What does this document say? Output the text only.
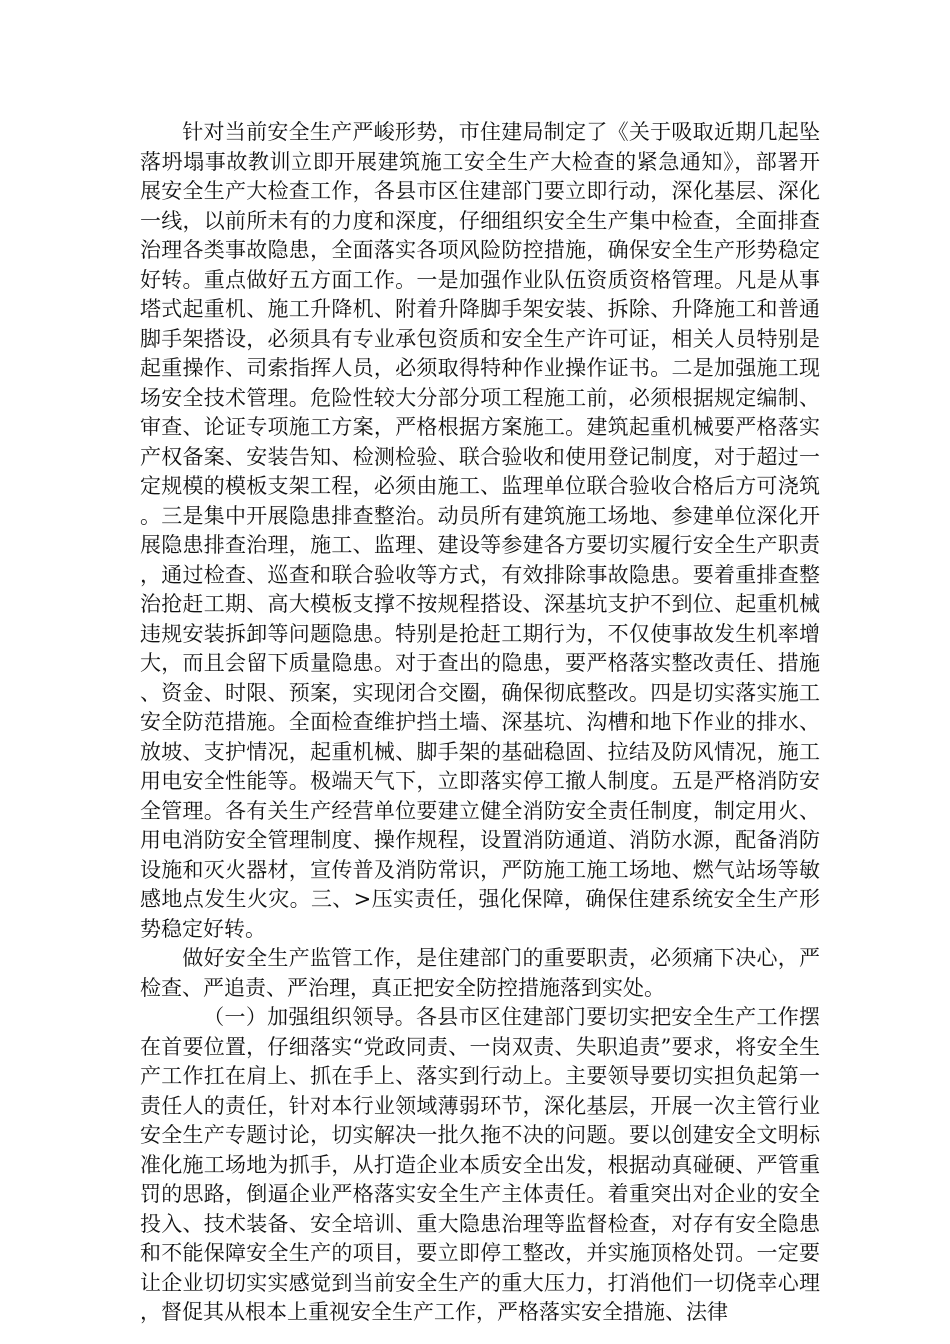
针对当前安全生产严峻形势，市住建局制定了《关于吸取近期几起坠落坍塌事故教训立即开展建筑施工安全生产大检查的紧急通知》，部署开展安全生产大检查工作，各县市区住建部门要立即行动，深化基层、深化一线，以前所未有的力度和深度，仔细组织安全生产集中检查，全面排查治理各类事故隐患，全面落实各项风险防控措施，确保安全生产形势稳定好转。重点做好五方面工作。一是加强作业队伍资质资格管理。凡是从事塔式起重机、施工升降机、附着升降脚手架安装、拆除、升降施工和普通脚手架搭设，必须具有专业承包资质和安全生产许可证，相关人员特别是起重操作、司索指挥人员，必须取得特种作业操作证书。二是加强施工现场安全技术管理。危险性较大分部分项工程施工前，必须根据规定编制、审查、论证专项施工方案，严格根据方案施工。建筑起重机械要严格落实产权备案、安装告知、检测检验、联合验收和使用登记制度，对于超过一定规模的模板支架工程，必须由施工、监理单位联合验收合格后方可浇筑。三是集中开展隐患排查整治。动员所有建筑施工场地、参建单位深化开展隐患排查治理，施工、监理、建设等参建各方要切实履行安全生产职责，通过检查、巡查和联合验收等方式，有效排除事故隐患。要着重排查整治抢赶工期、高大模板支撑不按规程搭设、深基坑支护不到位、起重机械违规安装拆卸等问题隐患。特别是抢赶工期行为，不仅使事故发生机率增大，而且会留下质量隐患。对于查出的隐患，要严格落实整改责任、措施、资金、时限、预案，实现闭合交圈，确保彻底整改。四是切实落实施工安全防范措施。全面检查维护挡土墙、深基坑、沟槽和地下作业的排水、放坡、支护情况，起重机械、脚手架的基础稳固、拉结及防风情况，施工用电安全性能等。极端天气下，立即落实停工撤人制度。五是严格消防安全管理。各有关生产经营单位要建立健全消防安全责任制度，制定用火、用电消防安全管理制度、操作规程，设置消防通道、消防水源，配备消防设施和灭火器材，宣传普及消防常识，严防施工施工场地、燃气站场等敏感地点发生火灾。三、>压实责任，强化保障，确保住建系统安全生产形势稳定好转。

做好安全生产监管工作，是住建部门的重要职责，必须痛下决心，严检查、严追责、严治理，真正把安全防控措施落到实处。

（一）加强组织领导。各县市区住建部门要切实把安全生产工作摆在首要位置，仔细落实“党政同责、一岗双责、失职追责”要求，将安全生产工作扛在肩上、抓在手上、落实到行动上。主要领导要切实担负起第一责任人的责任，针对本行业领域薄弱环节，深化基层，开展一次主管行业安全生产专题讨论，切实解决一批久拖不决的问题。要以创建安全文明标准化施工场地为抓手，从打造企业本质安全出发，根据动真碰硬、严管重罚的思路，倒逼企业严格落实安全生产主体责任。着重突出对企业的安全投入、技术装备、安全培训、重大隐患治理等监督检查，对存有安全隐患和不能保障安全生产的项目，要立即停工整改，并实施顶格处罚。一定要让企业切切实实感觉到当前安全生产的重大压力，打消他们一切侥幸心理，督促其从根本上重视安全生产工作，严格落实安全措施、法律
